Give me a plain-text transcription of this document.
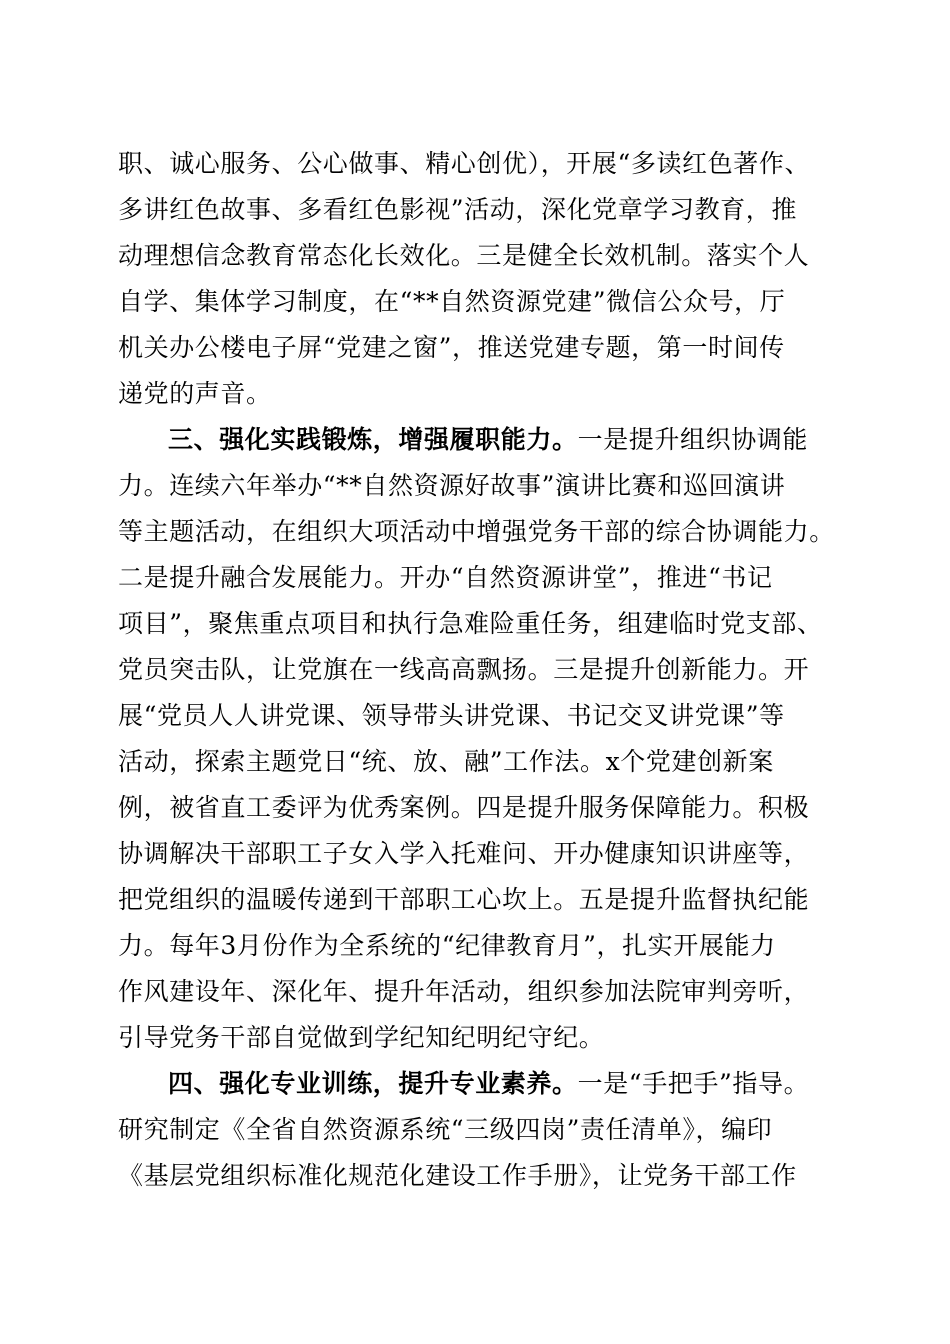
职、诚心服务、公心做事、精心创优），开展“多读红色著作、
多讲红色故事、多看红色影视”活动，深化党章学习教育，推
动理想信念教育常态化长效化。三是健全长效机制。落实个人
自学、集体学习制度，在“**自然资源党建”微信公众号，厅
机关办公楼电子屏“党建之窗”，推送党建专题，第一时间传
递党的声音。
三、强化实践锻炼，增强履职能力。一是提升组织协调能
力。连续六年举办“**自然资源好故事”演讲比赛和巡回演讲
等主题活动，在组织大项活动中增强党务干部的综合协调能力。
二是提升融合发展能力。开办“自然资源讲堂”，推进“书记
项目”，聚焦重点项目和执行急难险重任务，组建临时党支部、
党员突击队，让党旗在一线高高飘扬。三是提升创新能力。开
展“党员人人讲党课、领导带头讲党课、书记交叉讲党课”等
活动，探索主题党日“统、放、融”工作法。x个党建创新案
例，被省直工委评为优秀案例。四是提升服务保障能力。积极
协调解决干部职工子女入学入托难问、开办健康知识讲座等，
把党组织的温暖传递到干部职工心坎上。五是提升监督执纪能
力。每年3月份作为全系统的“纪律教育月”，扎实开展能力
作风建设年、深化年、提升年活动，组织参加法院审判旁听，
引导党务干部自觉做到学纪知纪明纪守纪。
四、强化专业训练，提升专业素养。一是“手把手”指导。
研究制定《全省自然资源系统“三级四岗”责任清单》，编印
《基层党组织标准化规范化建设工作手册》，让党务干部工作
